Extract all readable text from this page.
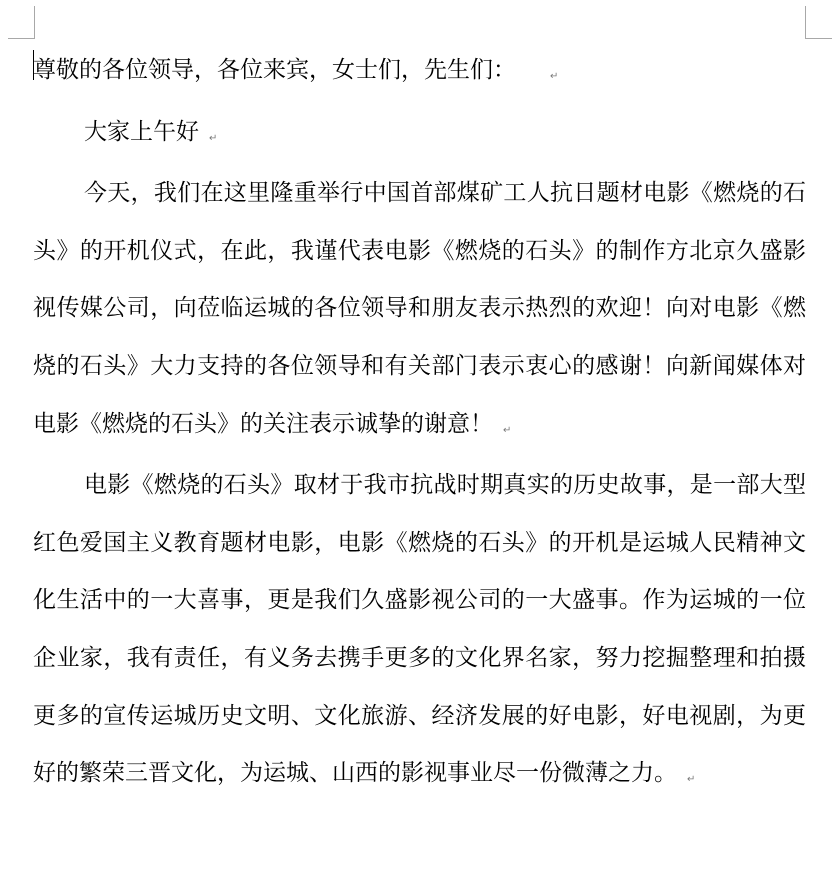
尊敬的各位领导，各位来宾，女士们，先生们：	↵

大家上午好 ↵

今天，我们在这里隆重举行中国首部煤矿工人抗日题材电影《燃烧的石头》的开机仪式，在此，我谨代表电影《燃烧的石头》的制作方北京久盛影视传媒公司，向莅临运城的各位领导和朋友表示热烈的欢迎！向对电影《燃烧的石头》大力支持的各位领导和有关部门表示衷心的感谢！向新闻媒体对电影《燃烧的石头》的关注表示诚挚的谢意！ ↵

电影《燃烧的石头》取材于我市抗战时期真实的历史故事，是一部大型红色爱国主义教育题材电影，电影《燃烧的石头》的开机是运城人民精神文化生活中的一大喜事，更是我们久盛影视公司的一大盛事。作为运城的一位企业家，我有责任，有义务去携手更多的文化界名家，努力挖掘整理和拍摄更多的宣传运城历史文明、文化旅游、经济发展的好电影，好电视剧，为更好的繁荣三晋文化，为运城、山西的影视事业尽一份微薄之力。 ↵
